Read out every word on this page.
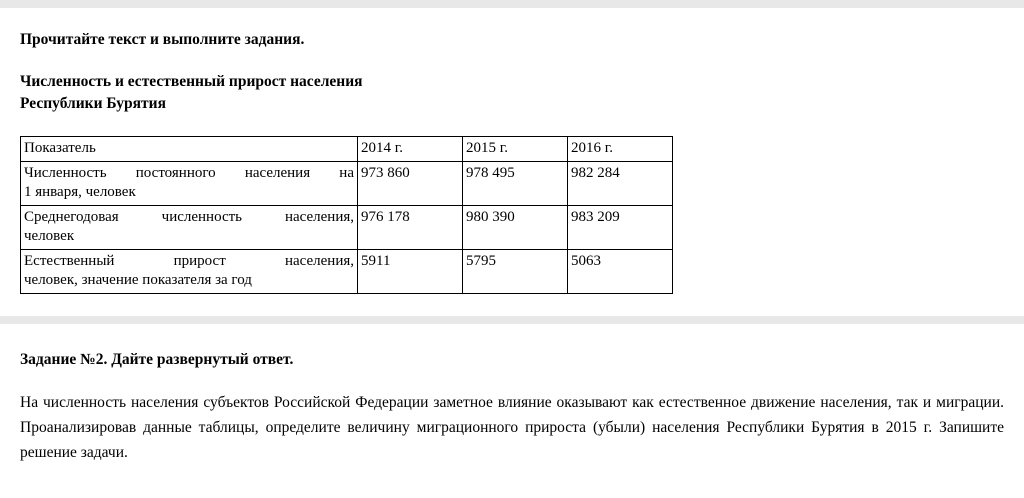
Прочитайте текст и выполните задания.

Численность и естественный прирост населения

Республики Бурятия

Показатель	2014 г.	2015 г.	2016 г.

Численность постоянного населения на
1 января, человек	973 860	978 495	982 284

Среднегодовая численность населения,
человек	976 178	980 390	983 209

Естественный прирост населения,
человек, значение показателя за год	5911	5795	5063

Задание №2. Дайте развернутый ответ.

На численность населения субъектов Российской Федерации заметное влияние оказывают как естественное движение населения, так и миграции. Проанализировав данные таблицы, определите величину миграционного прироста (убыли) населения Республики Бурятия в 2015 г. Запишите решение задачи.
